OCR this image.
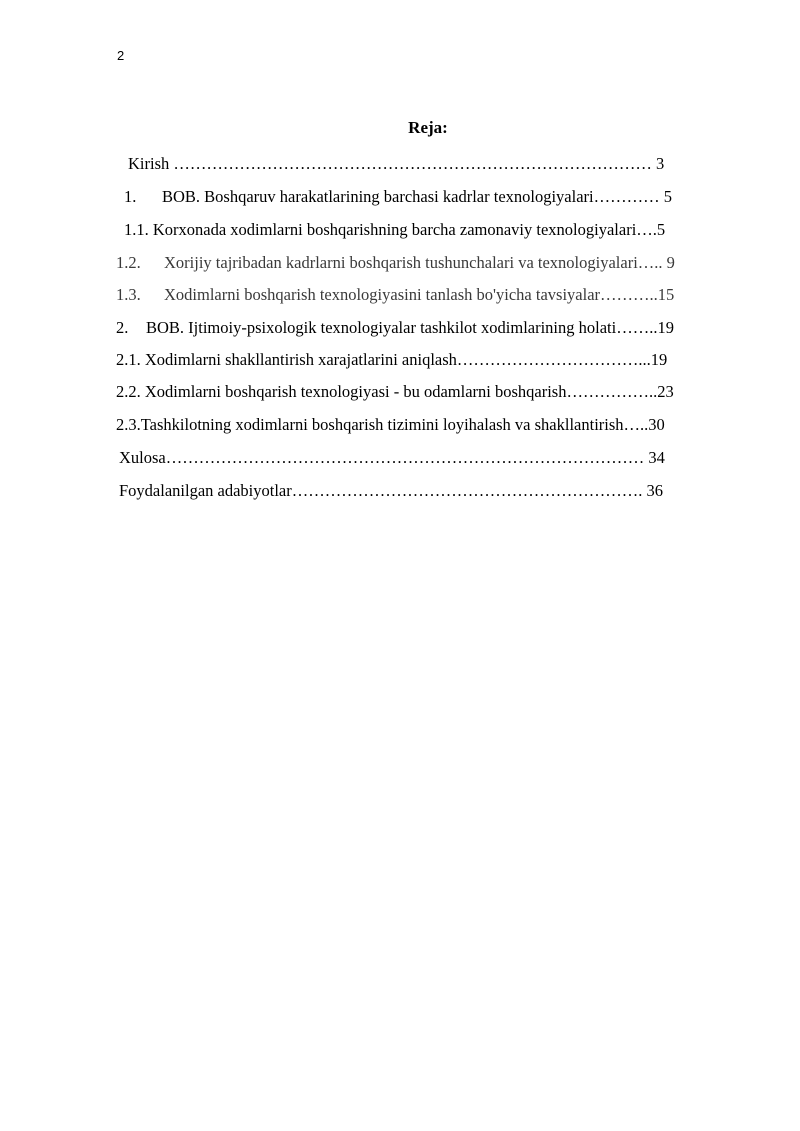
2
Reja:
Kirish …………………………………………………………………………… 3
1. BOB. Boshqaruv harakatlarining barchasi kadrlar texnologiyalari………… 5
1.1. Korxonada xodimlarni boshqarishning barcha zamonaviy texnologiyalari….5
1.2. Xorijiy tajribadan kadrlarni boshqarish tushunchalari va texnologiyalari….. 9
1.3. Xodimlarni boshqarish texnologiyasini tanlash bo'yicha tavsiyalar………..15
2. BOB. Ijtimoiy-psixologik texnologiyalar tashkilot xodimlarining holati……..19
2.1. Xodimlarni shakllantirish xarajatlarini aniqlash……………………………...19
2.2. Xodimlarni boshqarish texnologiyasi - bu odamlarni boshqarish……………..23
2.3.Tashkilotning xodimlarni boshqarish tizimini loyihalash va shakllantirish…..30
Xulosa…………………………………………………………………………… 34
Foydalanilgan adabiyotlar………………………………………………………. 36
